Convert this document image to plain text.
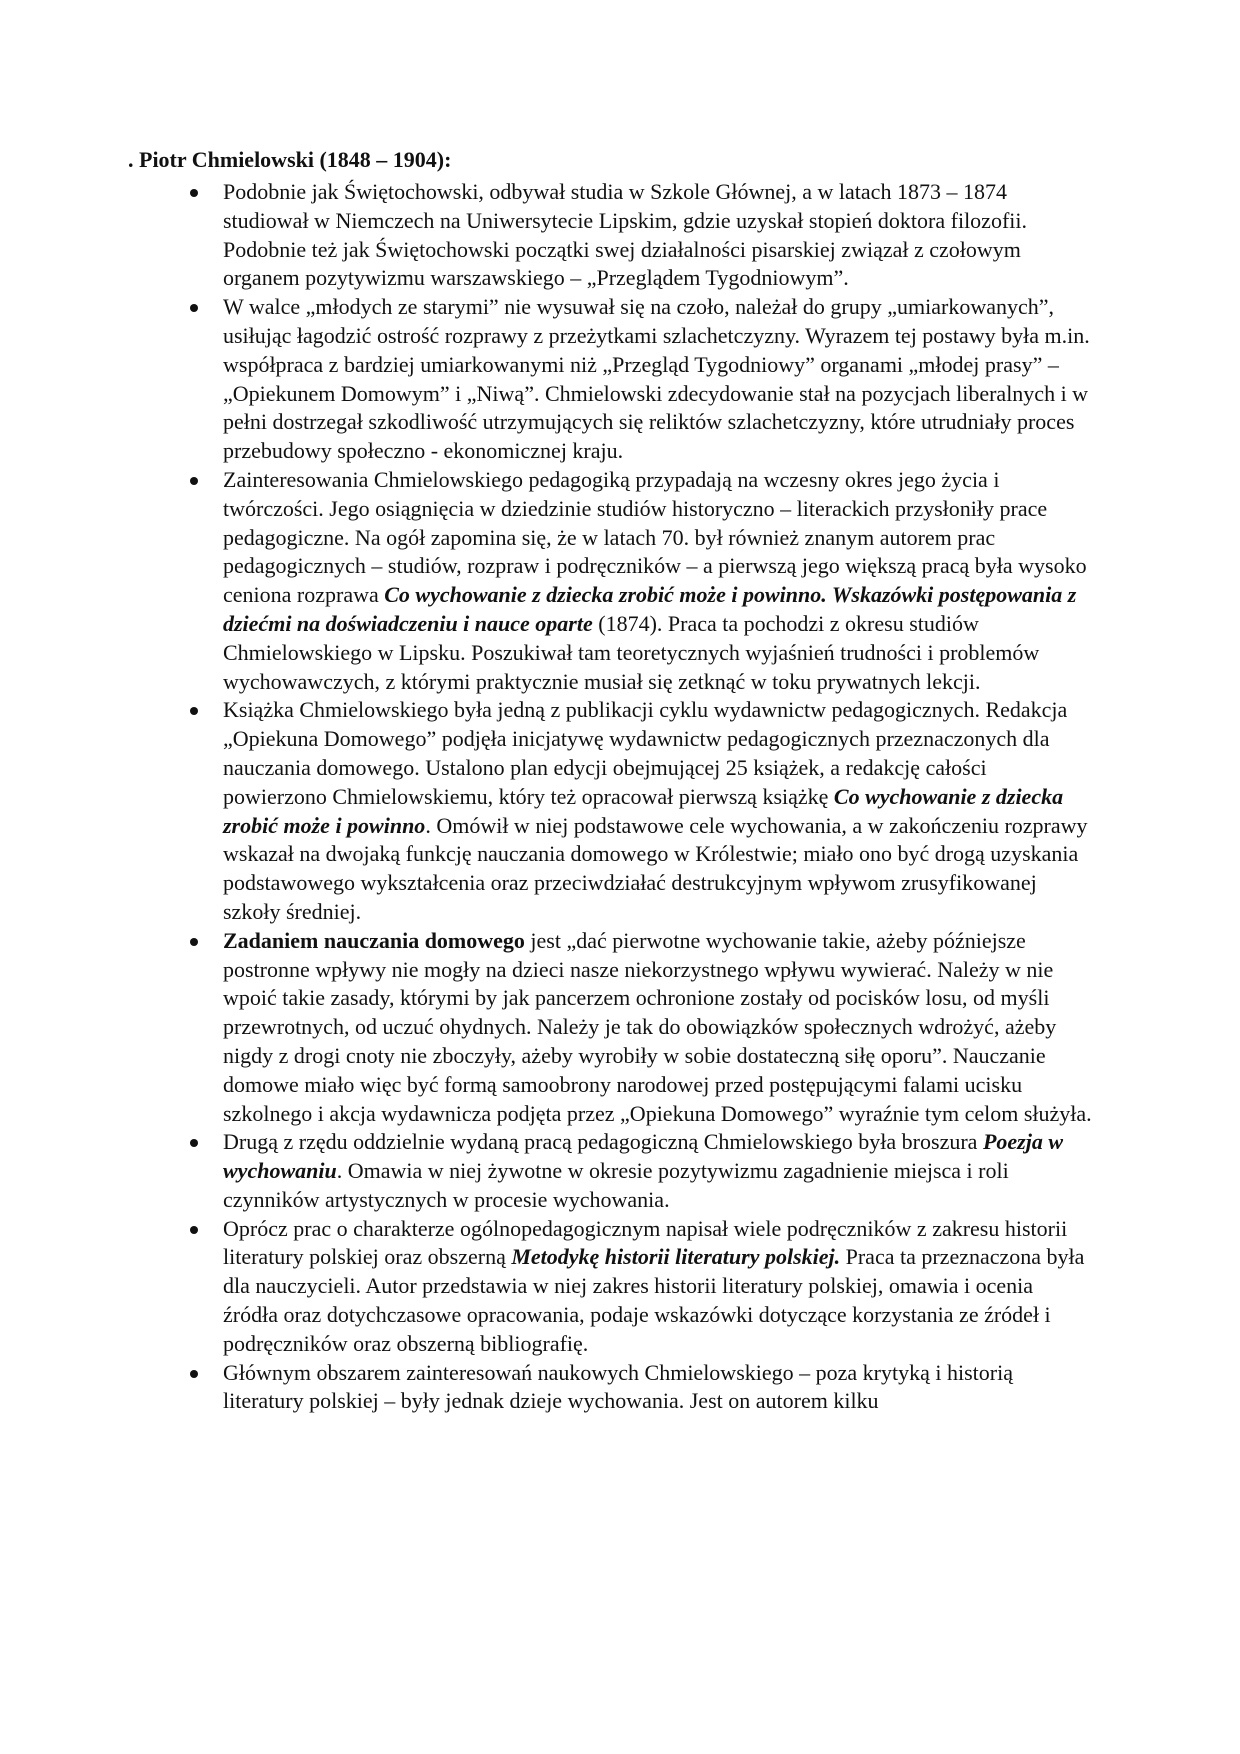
. Piotr Chmielowski (1848 – 1904):
Podobnie jak Świętochowski, odbywał studia w Szkole Głównej, a w latach 1873 – 1874 studiował w Niemczech na Uniwersytecie Lipskim, gdzie uzyskał stopień doktora filozofii. Podobnie też jak Świętochowski początki swej działalności pisarskiej związał z czołowym organem pozytywizmu warszawskiego – „Przeglądem Tygodniowym”.
W walce „młodych ze starymi” nie wysuwał się na czoło, należał do grupy „umiarkowanych”, usiłując łagodzić ostrość rozprawy z przeżytkami szlachetczyzny. Wyrazem tej postawy była m.in. współpraca z bardziej umiarkowanymi niż „Przegląd Tygodniowy” organami „młodej prasy” – „Opiekunem Domowym” i „Niwą”. Chmielowski zdecydowanie stał na pozycjach liberalnych i w pełni dostrzegał szkodliwość utrzymujących się reliktów szlachetczyzny, które utrudniały proces przebudowy społeczno - ekonomicznej kraju.
Zainteresowania Chmielowskiego pedagogiką przypadają na wczesny okres jego życia i twórczości. Jego osiągnięcia w dziedzinie studiów historyczno – literackich przysłoniły prace pedagogiczne. Na ogół zapomina się, że w latach 70. był również znanym autorem prac pedagogicznych – studiów, rozpraw i podręczników – a pierwszą jego większą pracą była wysoko ceniona rozprawa Co wychowanie z dziecka zrobić może i powinno. Wskazówki postępowania z dziećmi na doświadczeniu i nauce oparte (1874). Praca ta pochodzi z okresu studiów Chmielowskiego w Lipsku. Poszukiwał tam teoretycznych wyjaśnień trudności i problemów wychowawczych, z którymi praktycznie musiał się zetknąć w toku prywatnych lekcji.
Książka Chmielowskiego była jedną z publikacji cyklu wydawnictw pedagogicznych. Redakcja „Opiekuna Domowego” podjęła inicjatywę wydawnictw pedagogicznych przeznaczonych dla nauczania domowego. Ustalono plan edycji obejmującej 25 książek, a redakcję całości powierzono Chmielowskiemu, który też opracował pierwszą książkę Co wychowanie z dziecka zrobić może i powinno. Omówił w niej podstawowe cele wychowania, a w zakończeniu rozprawy wskazał na dwojaką funkcję nauczania domowego w Królestwie; miało ono być drogą uzyskania podstawowego wykształcenia oraz przeciwdziałać destrukcyjnym wpływom zrusyfikowanej szkoły średniej.
Zadaniem nauczania domowego jest „dać pierwotne wychowanie takie, ażeby późniejsze postronne wpływy nie mogły na dzieci nasze niekorzystnego wpływu wywierać. Należy w nie wpoić takie zasady, którymi by jak pancerzem ochronione zostały od pocisków losu, od myśli przewrotnych, od uczuć ohydnych. Należy je tak do obowiązków społecznych wdrożyć, ażeby nigdy z drogi cnoty nie zboczyły, ażeby wyrobiły w sobie dostateczną siłę oporu”. Nauczanie domowe miało więc być formą samoobrony narodowej przed postępującymi falami ucisku szkolnego i akcja wydawnicza podjęta przez „Opiekuna Domowego” wyraźnie tym celom służyła.
Drugą z rzędu oddzielnie wydaną pracą pedagogiczną Chmielowskiego była broszura Poezja w wychowaniu. Omawia w niej żywotne w okresie pozytywizmu zagadnienie miejsca i roli czynników artystycznych w procesie wychowania.
Oprócz prac o charakterze ogólnopedagogicznym napisał wiele podręczników z zakresu historii literatury polskiej oraz obszerną Metodykę historii literatury polskiej. Praca ta przeznaczona była dla nauczycieli. Autor przedstawia w niej zakres historii literatury polskiej, omawia i ocenia źródła oraz dotychczasowe opracowania, podaje wskazówki dotyczące korzystania ze źródeł i podręczników oraz obszerną bibliografię.
Głównym obszarem zainteresowań naukowych Chmielowskiego – poza krytyką i historią literatury polskiej – były jednak dzieje wychowania. Jest on autorem kilku
